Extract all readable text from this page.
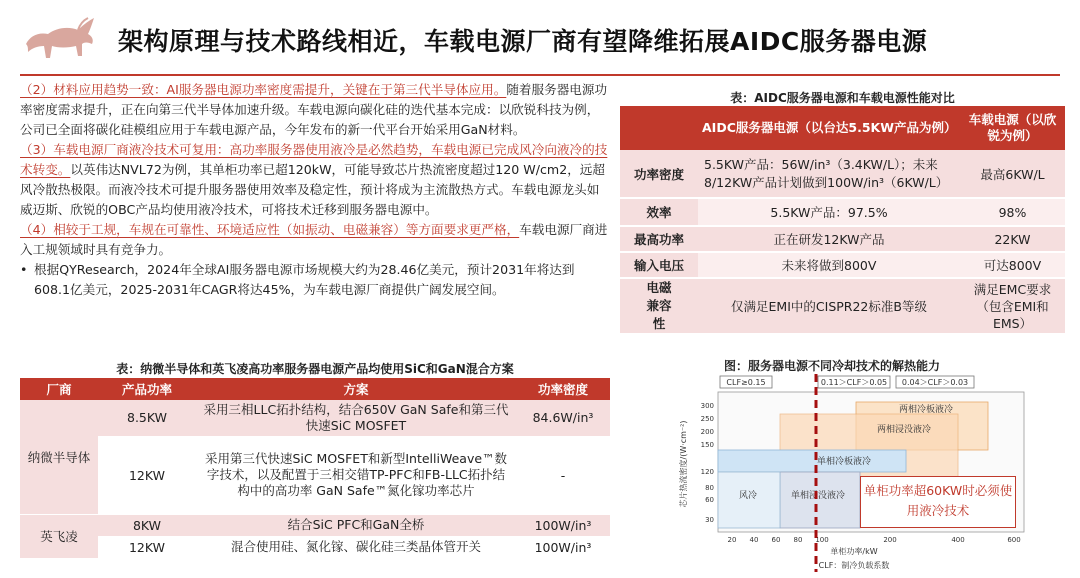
架构原理与技术路线相近，车载电源厂商有望降维拓展AIDC服务器电源

（2）材料应用趋势一致：AI服务器电源功率密度需提升，关键在于第三代半导体应用。随着服务器电源功率密度需求提升，正在向第三代半导体加速升级。车载电源向碳化硅的迭代基本完成：以欣锐科技为例，公司已全面将碳化硅模组应用于车载电源产品，今年发布的新一代平台开始采用GaN材料。

（3）车载电源厂商液冷技术可复用：高功率服务器使用液冷是必然趋势，车载电源已完成风冷向液冷的技术转变。以英伟达NVL72为例，其单柜功率已超120kW，可能导致芯片热流密度超过120 W/cm2，远超风冷散热极限。而液冷技术可提升服务器使用效率及稳定性，预计将成为主流散热方式。车载电源龙头如威迈斯、欣锐的OBC产品均使用液冷技术，可将技术迁移到服务器电源中。

（4）相较于工规，车规在可靠性、环境适应性（如振动、电磁兼容）等方面要求更严格，车载电源厂商进入工规领域时具有竞争力。

• 根据QYResearch，2024年全球AI服务器电源市场规模大约为28.46亿美元，预计2031年将达到608.1亿美元，2025-2031年CAGR将达45%，为车载电源厂商提供广阔发展空间。
表：纳微半导体和英飞凌高功率服务器电源产品均使用SiC和GaN混合方案
厂商	产品功率	方案	功率密度
纳微半导体	8.5KW	采用三相LLC拓扑结构，结合650V GaN Safe和第三代快速SiC MOSFET	84.6W/in³
	12KW	采用第三代快速SiC MOSFET和新型IntelliWeave™数字技术，以及配置于三相交错TP-PFC和FB-LLC拓扑结构中的高功率 GaN Safe™氮化镓功率芯片	-
英飞凌	8KW	结合SiC PFC和GaN全桥	100W/in³
	12KW	混合使用硅、氮化镓、碳化硅三类晶体管开关	100W/in³
表：AIDC服务器电源和车载电源性能对比
	AIDC服务器电源（以台达5.5KW产品为例）	车载电源（以欣锐为例）
功率密度	5.5KW产品：56W/in³（3.4KW/L）；未来8/12KW产品计划做到100W/in³（6KW/L）	最高6KW/L
效率	5.5KW产品：97.5%	98%
最高功率	正在研发12KW产品	22KW
输入电压	未来将做到800V	可达800V
电磁兼容性	仅满足EMI中的CISPR22标准B等级	满足EMC要求（包含EMI和EMS）
图：服务器电源不同冷却技术的解热能力
CLF≥0.15	0.11＞CLF＞0.05 0.04＞CLF＞0.03
两相冷板液冷
两相浸没液冷
单相冷板液冷
单相浸没液冷
风冷
300
250
200
150
120
80
60
30
芯片热流密度/(W·cm⁻²)
20 40 60 80 100	200	400	600
单柜功率/kW
CLF：制冷负载系数
单柜功率超60KW时必须使用液冷技术
